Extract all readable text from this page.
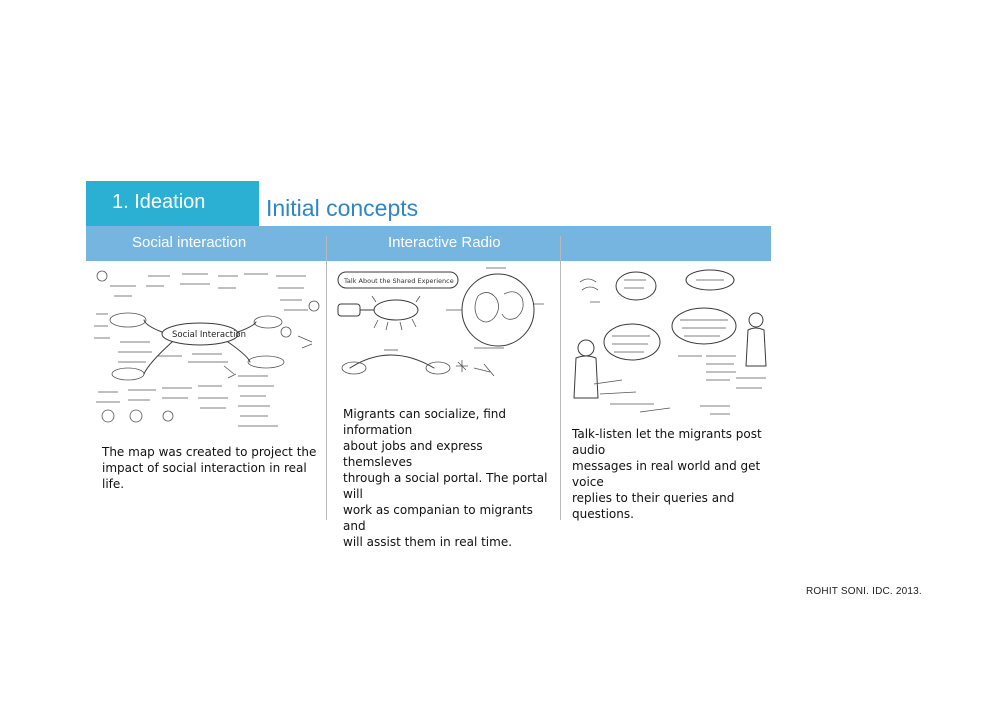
1. Ideation	Initial concepts
Social interaction	Interactive Radio
Social Interaction
Talk About the Shared Experience
The map was created to project the
impact of social interaction in real life.
Migrants can socialize, find information
about jobs and express themsleves
through a social portal. The portal will
work as companian to migrants and
will assist them in real time.
Talk-listen let the migrants post audio
messages in real world and get voice
replies to their queries and questions.
ROHIT SONI. IDC. 2013.
